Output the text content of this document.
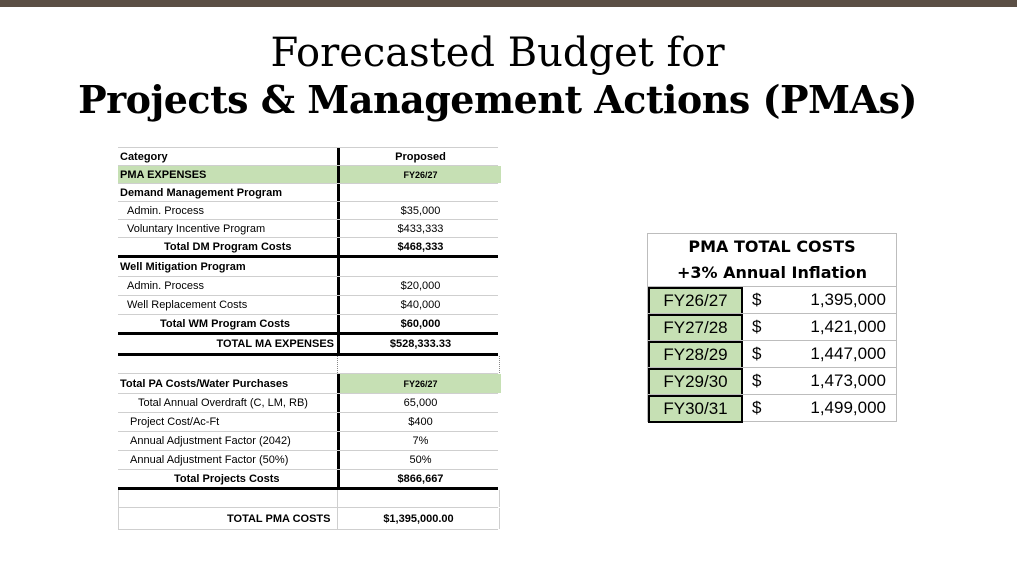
Forecasted Budget for
Projects & Management Actions (PMAs)
Category	Proposed
PMA EXPENSES	FY26/27
Demand Management Program
Admin. Process	$35,000
Voluntary Incentive Program	$433,333
Total DM Program Costs	$468,333
Well Mitigation Program
Admin. Process	$20,000
Well Replacement Costs	$40,000
Total WM Program Costs	$60,000
TOTAL MA EXPENSES	$528,333.33
Total PA Costs/Water Purchases	FY26/27
Total Annual Overdraft (C, LM, RB)	65,000
Project Cost/Ac-Ft	$400
Annual Adjustment Factor (2042)	7%
Annual Adjustment Factor (50%)	50%
Total Projects Costs	$866,667
TOTAL PMA COSTS	$1,395,000.00
PMA TOTAL COSTS
+3% Annual Inflation
FY26/27	$	1,395,000
FY27/28	$	1,421,000
FY28/29	$	1,447,000
FY29/30	$	1,473,000
FY30/31	$	1,499,000
